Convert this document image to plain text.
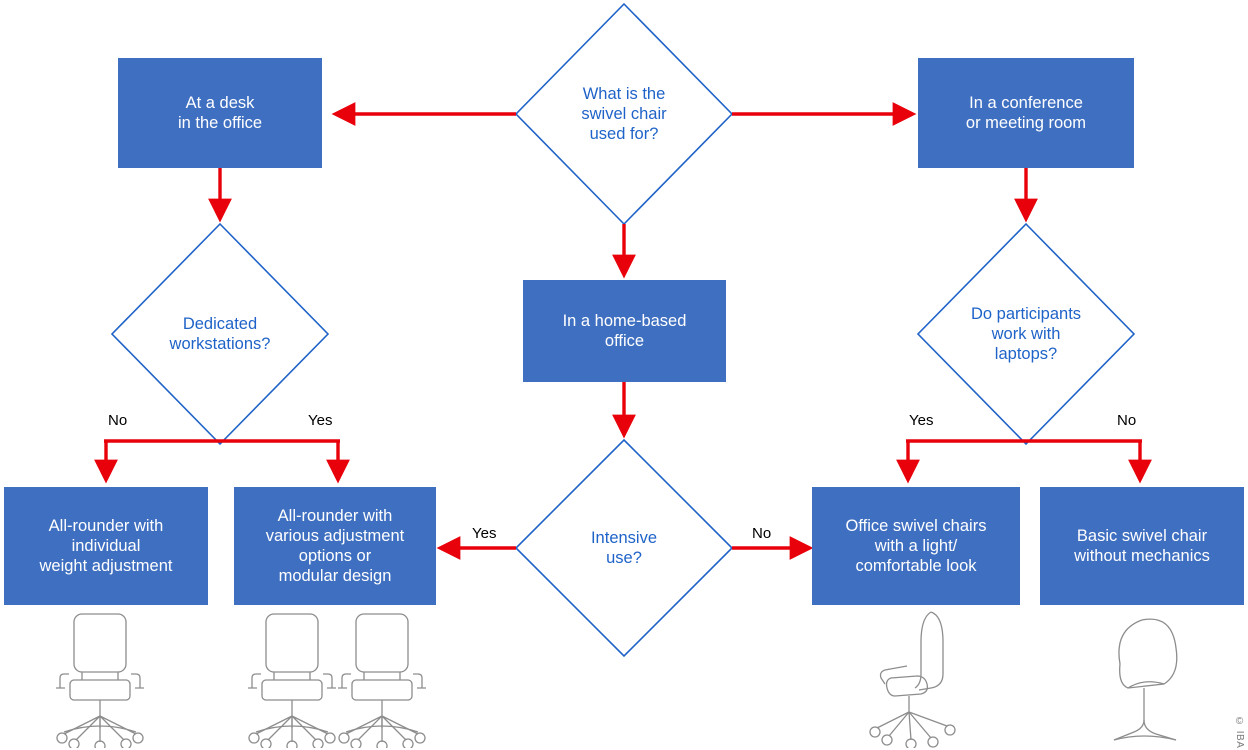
What is the
swivel chair
used for?
Dedicated
workstations?
Do participants
work with
laptops?
Intensive
use?
At a desk
in the office
In a conference
or meeting room
In a home-based
office
All-rounder with
individual
weight adjustment
All-rounder with
various adjustment
options or
modular design
Office swivel chairs
with a light/
comfortable look
Basic swivel chair
without mechanics
No	Yes	Yes	No
Yes	No
© IBA
